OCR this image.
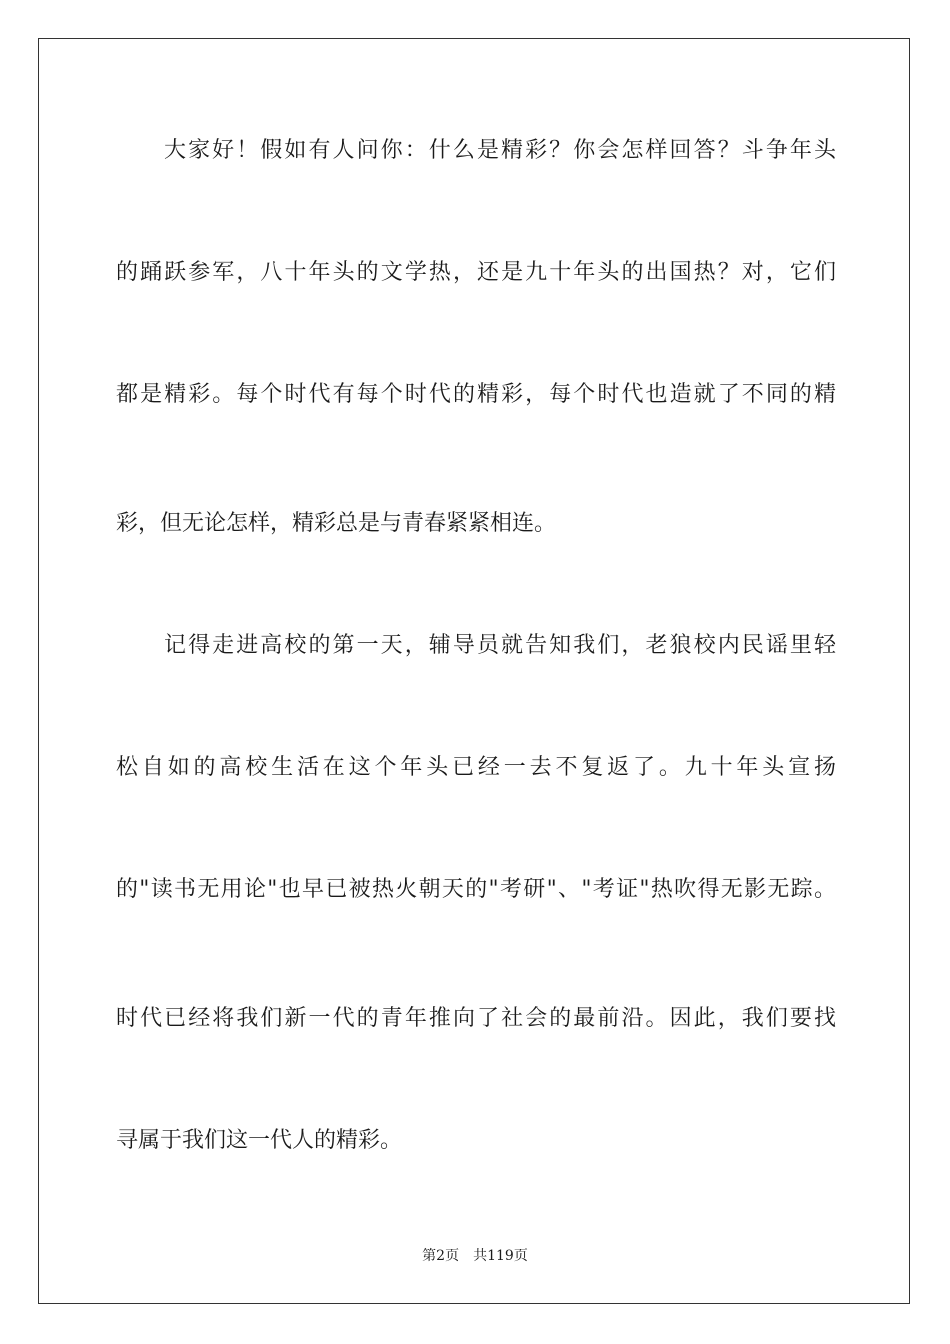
大家好！假如有人问你：什么是精彩？你会怎样回答？斗争年头
的踊跃参军，八十年头的文学热，还是九十年头的出国热？对，它们
都是精彩。每个时代有每个时代的精彩，每个时代也造就了不同的精
彩，但无论怎样，精彩总是与青春紧紧相连。
记得走进高校的第一天，辅导员就告知我们，老狼校内民谣里轻
松自如的高校生活在这个年头已经一去不复返了。九十年头宣扬
的"读书无用论"也早已被热火朝天的"考研"、"考证"热吹得无影无踪。
时代已经将我们新一代的青年推向了社会的最前沿。因此，我们要找
寻属于我们这一代人的精彩。
第2页 共119页
